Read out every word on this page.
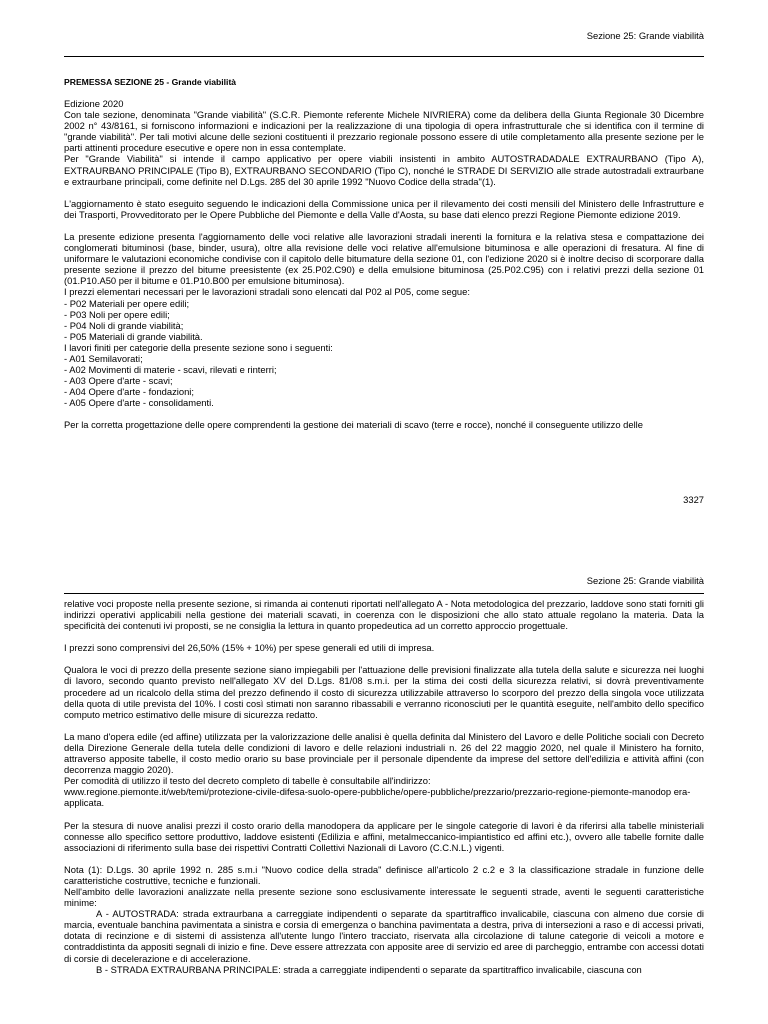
Sezione 25: Grande viabilità
PREMESSA SEZIONE 25 - Grande viabilità

Edizione 2020

Con tale sezione, denominata "Grande viabilità" (S.C.R. Piemonte referente Michele NIVRIERA) come da delibera della Giunta Regionale 30 Dicembre 2002 n° 43/8161, si forniscono informazioni e indicazioni per la realizzazione di una tipologia di opera infrastrutturale che si identifica con il termine di "grande viabilità". Per tali motivi alcune delle sezioni costituenti il prezzario regionale possono essere di utile completamento alla presente sezione per le parti attinenti procedure esecutive e opere non in essa contemplate.

Per "Grande Viabilità" si intende il campo applicativo per opere viabili insistenti in ambito AUTOSTRADADALE EXTRAURBANO (Tipo A), EXTRAURBANO PRINCIPALE (Tipo B), EXTRAURBANO SECONDARIO (Tipo C), nonché le STRADE DI SERVIZIO alle strade autostradali extraurbane e extraurbane principali, come definite nel D.Lgs. 285 del 30 aprile 1992 "Nuovo Codice della strada"(1).

L'aggiornamento è stato eseguito seguendo le indicazioni della Commissione unica per il rilevamento dei costi mensili del Ministero delle Infrastrutture e dei Trasporti, Provveditorato per le Opere Pubbliche del Piemonte e della Valle d'Aosta, su base dati elenco prezzi Regione Piemonte edizione 2019.

La presente edizione presenta l'aggiornamento delle voci relative alle lavorazioni stradali inerenti la fornitura e la relativa stesa e compattazione dei conglomerati bituminosi (base, binder, usura), oltre alla revisione delle voci relative all'emulsione bituminosa e alle operazioni di fresatura. Al fine di uniformare le valutazioni economiche condivise con il capitolo delle bitumature della sezione 01, con l'edizione 2020 si è inoltre deciso di scorporare dalla presente sezione il prezzo del bitume preesistente (ex 25.P02.C90) e della emulsione bituminosa (25.P02.C95) con i relativi prezzi della sezione 01 (01.P10.A50 per il bitume e 01.P10.B00 per emulsione bituminosa).

I prezzi elementari necessari per le lavorazioni stradali sono elencati dal P02 al P05, come segue:

- P02 Materiali per opere edili;
- P03 Noli per opere edili;
- P04 Noli di grande viabilità;
- P05 Materiali di grande viabilità.

I lavori finiti per categorie della presente sezione sono i seguenti:

- A01 Semilavorati;
- A02 Movimenti di materie - scavi, rilevati e rinterri;
- A03 Opere d'arte - scavi;
- A04 Opere d'arte - fondazioni;
- A05 Opere d'arte - consolidamenti.

Per la corretta progettazione delle opere comprendenti la gestione dei materiali di scavo (terre e rocce), nonché il conseguente utilizzo delle

3327
Sezione 25: Grande viabilità

relative voci proposte nella presente sezione, si rimanda ai contenuti riportati nell'allegato A - Nota metodologica del prezzario, laddove sono stati forniti gli indirizzi operativi applicabili nella gestione dei materiali scavati, in coerenza con le disposizioni che allo stato attuale regolano la materia. Data la specificità dei contenuti ivi proposti, se ne consiglia la lettura in quanto propedeutica ad un corretto approccio progettuale.

I prezzi sono comprensivi del 26,50% (15% + 10%) per spese generali ed utili di impresa.

Qualora le voci di prezzo della presente sezione siano impiegabili per l'attuazione delle previsioni finalizzate alla tutela della salute e sicurezza nei luoghi di lavoro, secondo quanto previsto nell'allegato XV del D.Lgs. 81/08 s.m.i. per la stima dei costi della sicurezza relativi, si dovrà preventivamente procedere ad un ricalcolo della stima del prezzo definendo il costo di sicurezza utilizzabile attraverso lo scorporo del prezzo della singola voce utilizzata della quota di utile prevista del 10%. I costi così stimati non saranno ribassabili e verranno riconosciuti per le quantità eseguite, nell'ambito dello specifico computo metrico estimativo delle misure di sicurezza redatto.

La mano d'opera edile (ed affine) utilizzata per la valorizzazione delle analisi è quella definita dal Ministero del Lavoro e delle Politiche sociali con Decreto della Direzione Generale della tutela delle condizioni di lavoro e delle relazioni industriali n. 26 del 22 maggio 2020, nel quale il Ministero ha fornito, attraverso apposite tabelle, il costo medio orario su base provinciale per il personale dipendente da imprese del settore dell'edilizia e attività affini (con decorrenza maggio 2020).

Per comodità di utilizzo il testo del decreto completo di tabelle è consultabile all'indirizzo:

www.regione.piemonte.it/web/temi/protezione-civile-difesa-suolo-opere-pubbliche/opere-pubbliche/prezzario/prezzario-regione-piemonte-manodop era-applicata.

Per la stesura di nuove analisi prezzi il costo orario della manodopera da applicare per le singole categorie di lavori è da riferirsi alla tabelle ministeriali connesse allo specifico settore produttivo, laddove esistenti (Edilizia e affini, metalmeccanico-impiantistico ed affini etc.), ovvero alle tabelle fornite dalle associazioni di riferimento sulla base dei rispettivi Contratti Collettivi Nazionali di Lavoro (C.C.N.L.) vigenti.

Nota (1): D.Lgs. 30 aprile 1992 n. 285 s.m.i "Nuovo codice della strada" definisce all'articolo 2 c.2 e 3 la classificazione stradale in funzione delle caratteristiche costruttive, tecniche e funzionali.

Nell'ambito delle lavorazioni analizzate nella presente sezione sono esclusivamente interessate le seguenti strade, aventi le seguenti caratteristiche minime:

A - AUTOSTRADA: strada extraurbana a carreggiate indipendenti o separate da spartitraffico invalicabile, ciascuna con almeno due corsie di marcia, eventuale banchina pavimentata a sinistra e corsia di emergenza o banchina pavimentata a destra, priva di intersezioni a raso e di accessi privati, dotata di recinzione e di sistemi di assistenza all'utente lungo l'intero tracciato, riservata alla circolazione di talune categorie di veicoli a motore e contraddistinta da appositi segnali di inizio e fine. Deve essere attrezzata con apposite aree di servizio ed aree di parcheggio, entrambe con accessi dotati di corsie di decelerazione e di accelerazione.

B - STRADA EXTRAURBANA PRINCIPALE: strada a carreggiate indipendenti o separate da spartitraffico invalicabile, ciascuna con
